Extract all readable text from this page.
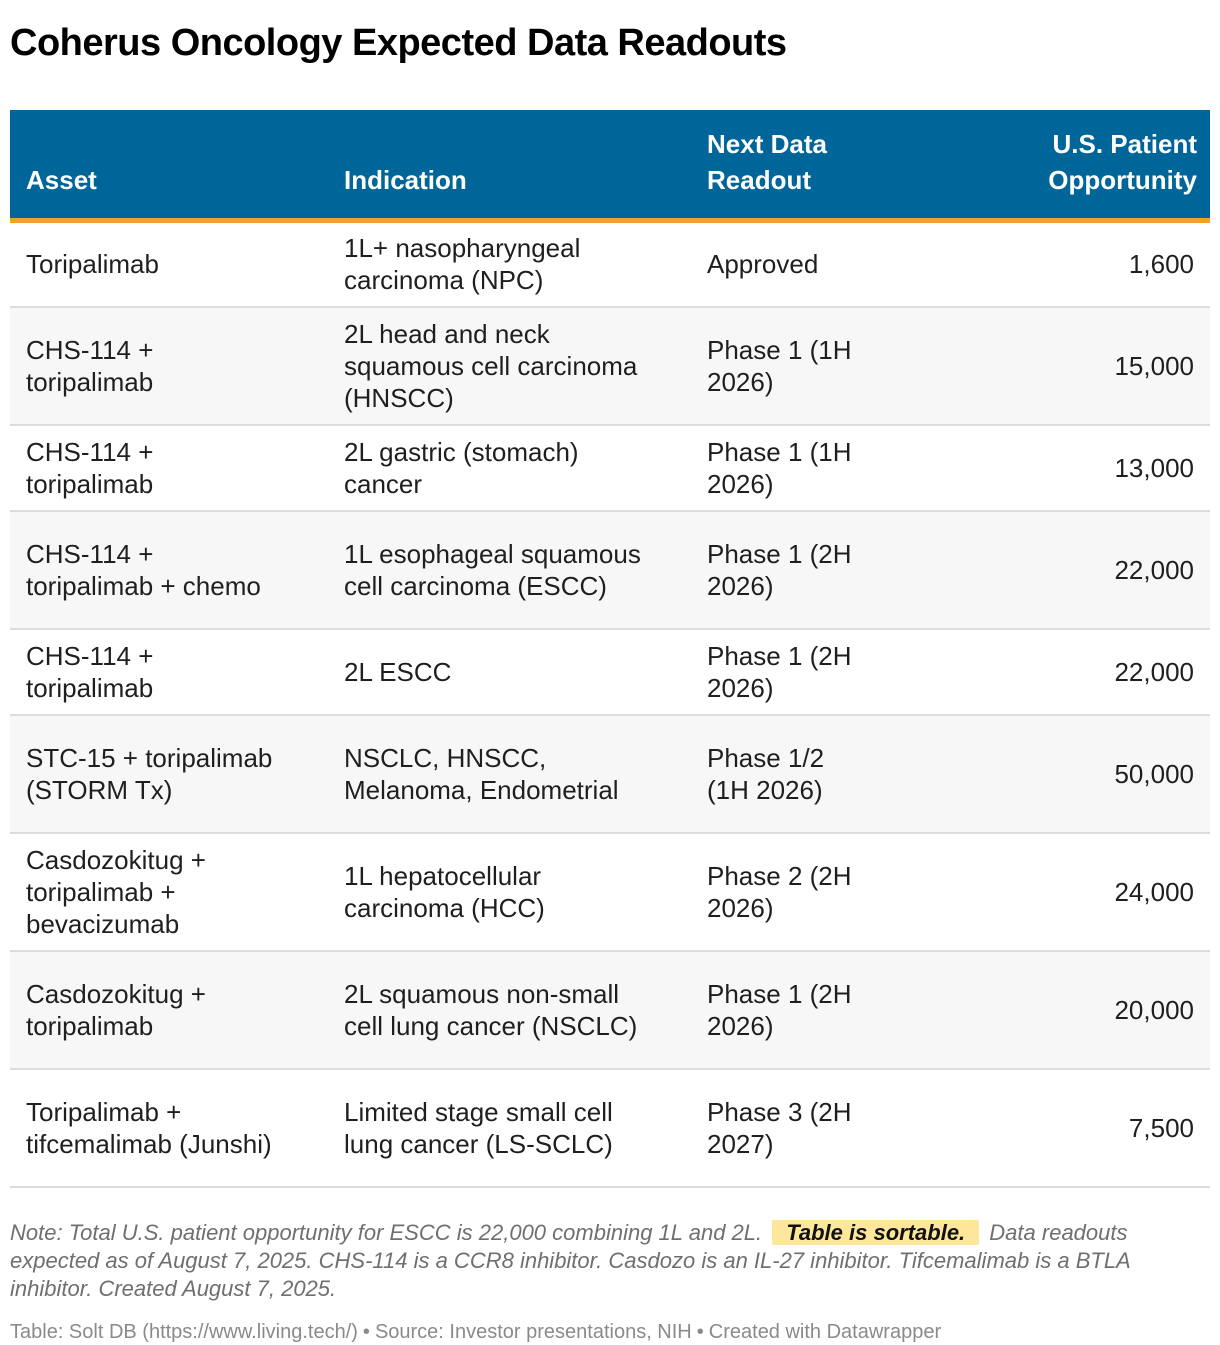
Coherus Oncology Expected Data Readouts
Asset	Indication	Next Data Readout	U.S. Patient Opportunity
Toripalimab	1L+ nasopharyngeal carcinoma (NPC)	Approved	1,600
CHS-114 + toripalimab	2L head and neck squamous cell carcinoma (HNSCC)	Phase 1 (1H 2026)	15,000
CHS-114 + toripalimab	2L gastric (stomach) cancer	Phase 1 (1H 2026)	13,000
CHS-114 + toripalimab + chemo	1L esophageal squamous cell carcinoma (ESCC)	Phase 1 (2H 2026)	22,000
CHS-114 + toripalimab	2L ESCC	Phase 1 (2H 2026)	22,000
STC-15 + toripalimab (STORM Tx)	NSCLC, HNSCC, Melanoma, Endometrial	Phase 1/2 (1H 2026)	50,000
Casdozokitug + toripalimab + bevacizumab	1L hepatocellular carcinoma (HCC)	Phase 2 (2H 2026)	24,000
Casdozokitug + toripalimab	2L squamous non-small cell lung cancer (NSCLC)	Phase 1 (2H 2026)	20,000
Toripalimab + tifcemalimab (Junshi)	Limited stage small cell lung cancer (LS-SCLC)	Phase 3 (2H 2027)	7,500
Note: Total U.S. patient opportunity for ESCC is 22,000 combining 1L and 2L. Table is sortable. Data readouts expected as of August 7, 2025. CHS-114 is a CCR8 inhibitor. Casdozo is an IL-27 inhibitor. Tifcemalimab is a BTLA inhibitor. Created August 7, 2025.
Table: Solt DB (https://www.living.tech/) • Source: Investor presentations, NIH • Created with Datawrapper
